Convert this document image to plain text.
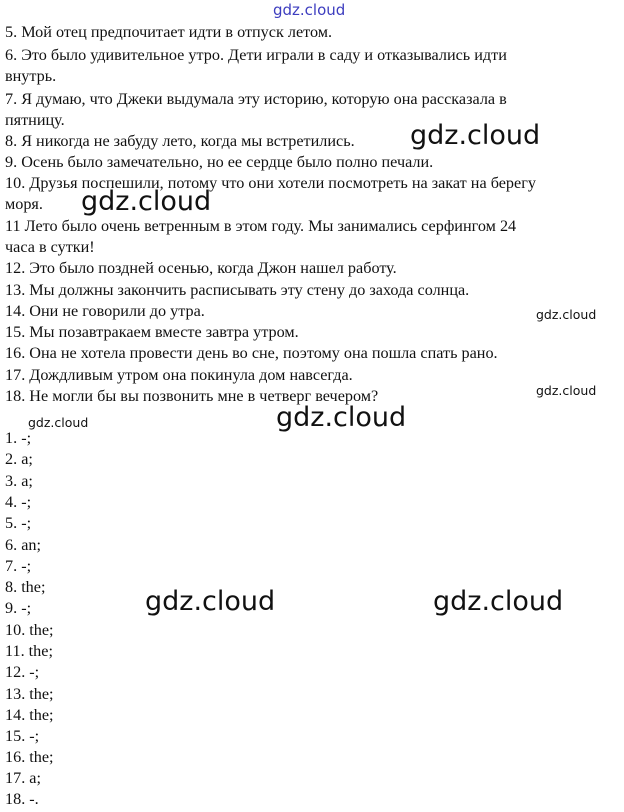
gdz.cloud
5. Мой отец предпочитает идти в отпуск летом.
6. Это было удивительное утро. Дети играли в саду и отказывались идти
внутрь.
7. Я думаю, что Джеки выдумала эту историю, которую она рассказала в
пятницу.
8. Я никогда не забуду лето, когда мы встретились.
9. Осень было замечательно, но ее сердце было полно печали.
10. Друзья поспешили, потому что они хотели посмотреть на закат на берегу
моря.
11 Лето было очень ветренным в этом году. Мы занимались серфингом 24
часа в сутки!
12. Это было поздней осенью, когда Джон нашел работу.
13. Мы должны закончить расписывать эту стену до захода солнца.
14. Они не говорили до утра.
15. Мы позавтракаем вместе завтра утром.
16. Она не хотела провести день во сне, поэтому она пошла спать рано.
17. Дождливым утром она покинула дом навсегда.
18. Не могли бы вы позвонить мне в четверг вечером?
1. -;
2. a;
3. a;
4. -;
5. -;
6. an;
7. -;
8. the;
9. -;
10. the;
11. the;
12. -;
13. the;
14. the;
15. -;
16. the;
17. a;
18. -.
gdz.cloud
gdz.cloud
gdz.cloud
gdz.cloud
gdz.cloud
gdz.cloud
gdz.cloud	gdz.cloud
